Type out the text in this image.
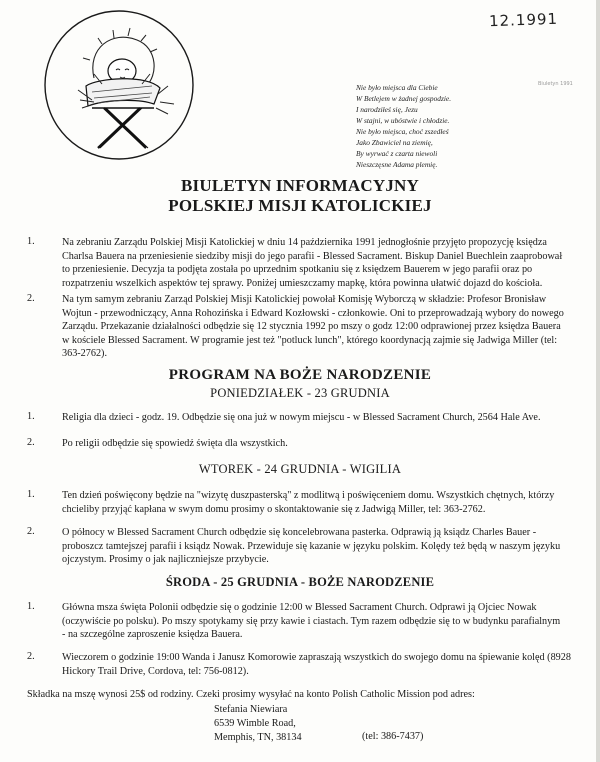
12.1991
Nie było miejsca dla Ciebie
W Betlejem w żadnej gospodzie.
I narodziłeś się, Jezu
W stajni, w ubóstwie i chłodzie.
Nie było miejsca, choć zszedłeś
Jako Zbawiciel na ziemię,
By wyrwać z czarta niewoli
Nieszczęsne Adama plemię.
Biuletyn 1991
BIULETYN INFORMACYJNY
POLSKIEJ MISJI KATOLICKIEJ
1.	Na zebraniu Zarządu Polskiej Misji Katolickiej w dniu 14 października 1991 jednogłośnie przyjęto propozycję księdza
Charlsa Bauera na przeniesienie siedziby misji do jego parafii - Blessed Sacrament. Biskup Daniel Buechlein zaaprobował
to przeniesienie. Decyzja ta podjęta została po uprzednim spotkaniu się z księdzem Bauerem w jego parafii oraz po
rozpatrzeniu wszelkich aspektów tej sprawy. Poniżej umieszczamy mapkę, która powinna ułatwić dojazd do kościoła.
2.	Na tym samym zebraniu Zarząd Polskiej Misji Katolickiej powołał Komisję Wyborczą w składzie: Profesor Bronisław
Wojtun - przewodniczący, Anna Rohozińska i Edward Kozłowski - członkowie. Oni to przeprowadzają wybory do nowego
Zarządu. Przekazanie działalności odbędzie się 12 stycznia 1992 po mszy o godz 12:00 odprawionej przez księdza Bauera
w kościele Blessed Sacrament. W programie jest też "potluck lunch", którego koordynacją zajmie się Jadwiga Miller (tel:
363-2762).
PROGRAM NA BOŻE NARODZENIE
PONIEDZIAŁEK - 23 GRUDNIA
1.	Religia dla dzieci - godz. 19. Odbędzie się ona już w nowym miejscu - w Blessed Sacrament Church, 2564 Hale Ave.
2.	Po religii odbędzie się spowiedź święta dla wszystkich.
WTOREK - 24 GRUDNIA - WIGILIA
1.	Ten dzień poświęcony będzie na "wizytę duszpasterską" z modlitwą i poświęceniem domu. Wszystkich chętnych, którzy
chcieliby przyjąć kapłana w swym domu prosimy o skontaktowanie się z Jadwigą Miller, tel: 363-2762.
2.	O północy w Blessed Sacrament Church odbędzie się koncelebrowana pasterka. Odprawią ją ksiądz Charles Bauer -
proboszcz tamtejszej parafii i ksiądz Nowak. Przewiduje się kazanie w języku polskim. Kolędy też będą w naszym języku
ojczystym. Prosimy o jak najliczniejsze przybycie.
ŚRODA - 25 GRUDNIA - BOŻE NARODZENIE
1.	Główna msza święta Polonii odbędzie się o godzinie 12:00 w Blessed Sacrament Church. Odprawi ją Ojciec Nowak
(oczywiście po polsku). Po mszy spotykamy się przy kawie i ciastach. Tym razem odbędzie się to w budynku parafialnym
- na szczególne zaproszenie księdza Bauera.
2.	Wieczorem o godzinie 19:00 Wanda i Janusz Komorowie zapraszają wszystkich do swojego domu na śpiewanie kolęd (8928
Hickory Trail Drive, Cordova, tel: 756-0812).
Składka na mszę wynosi 25$ od rodziny. Czeki prosimy wysyłać na konto Polish Catholic Mission pod adres:
Stefania Niewiara
6539 Wimble Road,
Memphis, TN, 38134	(tel: 386-7437)
